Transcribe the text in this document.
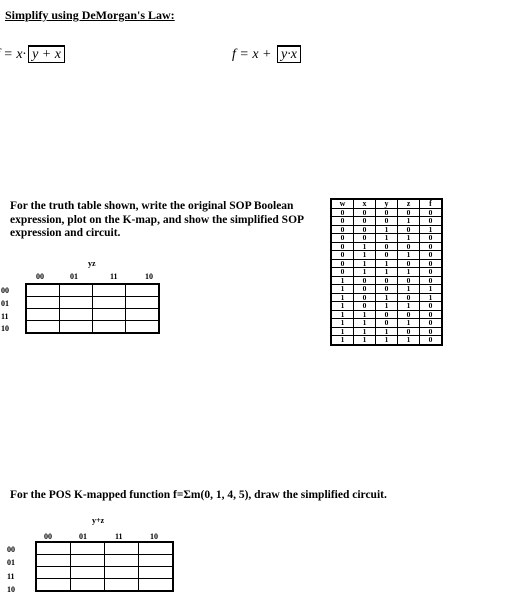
Simplify using DeMorgan's Law:
= $x\cdot \overline{y} + \overline{x}$	$f = x + \overline{y}\cdot\overline{x}$
For the truth table shown, write the original SOP Boolean expression, plot on the K-map, and show the simplified SOP expression and circuit.
yz
00	01	11	10
00
01
11
10

w	x	y	z	f
0	0	0	0	0
0	0	0	1	0
0	0	1	0	1
0	0	1	1	0
0	1	0	0	0
0	1	0	1	0
0	1	1	0	0
0	1	1	1	0
1	0	0	0	0
1	0	0	1	1
1	0	1	0	1
1	0	1	1	0
1	1	0	0	0
1	1	0	1	0
1	1	1	0	0
1	1	1	1	0
For the POS K-mapped function f=Σm(0, 1, 4, 5), draw the simplified circuit.
y+z
00	01	11	10
00
01
11
10
